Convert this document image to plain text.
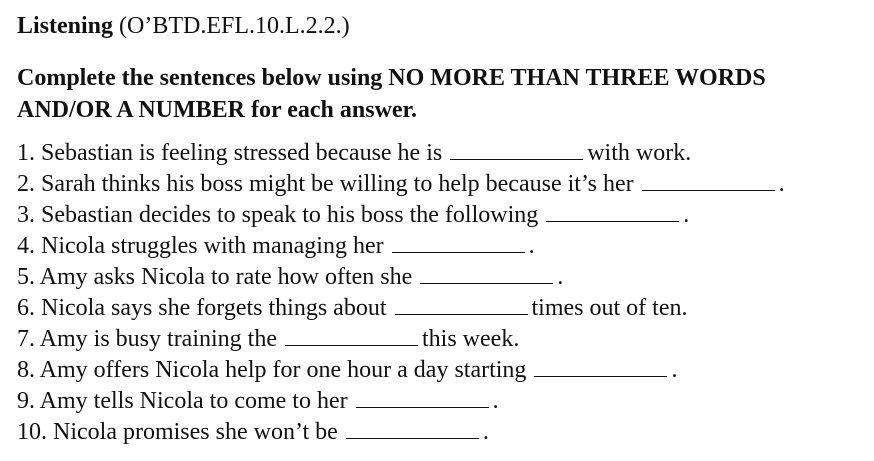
Listening (O’BTD.EFL.10.L.2.2.)
Complete the sentences below using NO MORE THAN THREE WORDS
AND/OR A NUMBER for each answer.
1. Sebastian is feeling stressed because he is	with work.
2. Sarah thinks his boss might be willing to help because it’s her	.
3. Sebastian decides to speak to his boss the following	.
4. Nicola struggles with managing her	.
5. Amy asks Nicola to rate how often she	.
6. Nicola says she forgets things about	times out of ten.
7. Amy is busy training the	this week.
8. Amy offers Nicola help for one hour a day starting	.
9. Amy tells Nicola to come to her	.
10. Nicola promises she won’t be	.
